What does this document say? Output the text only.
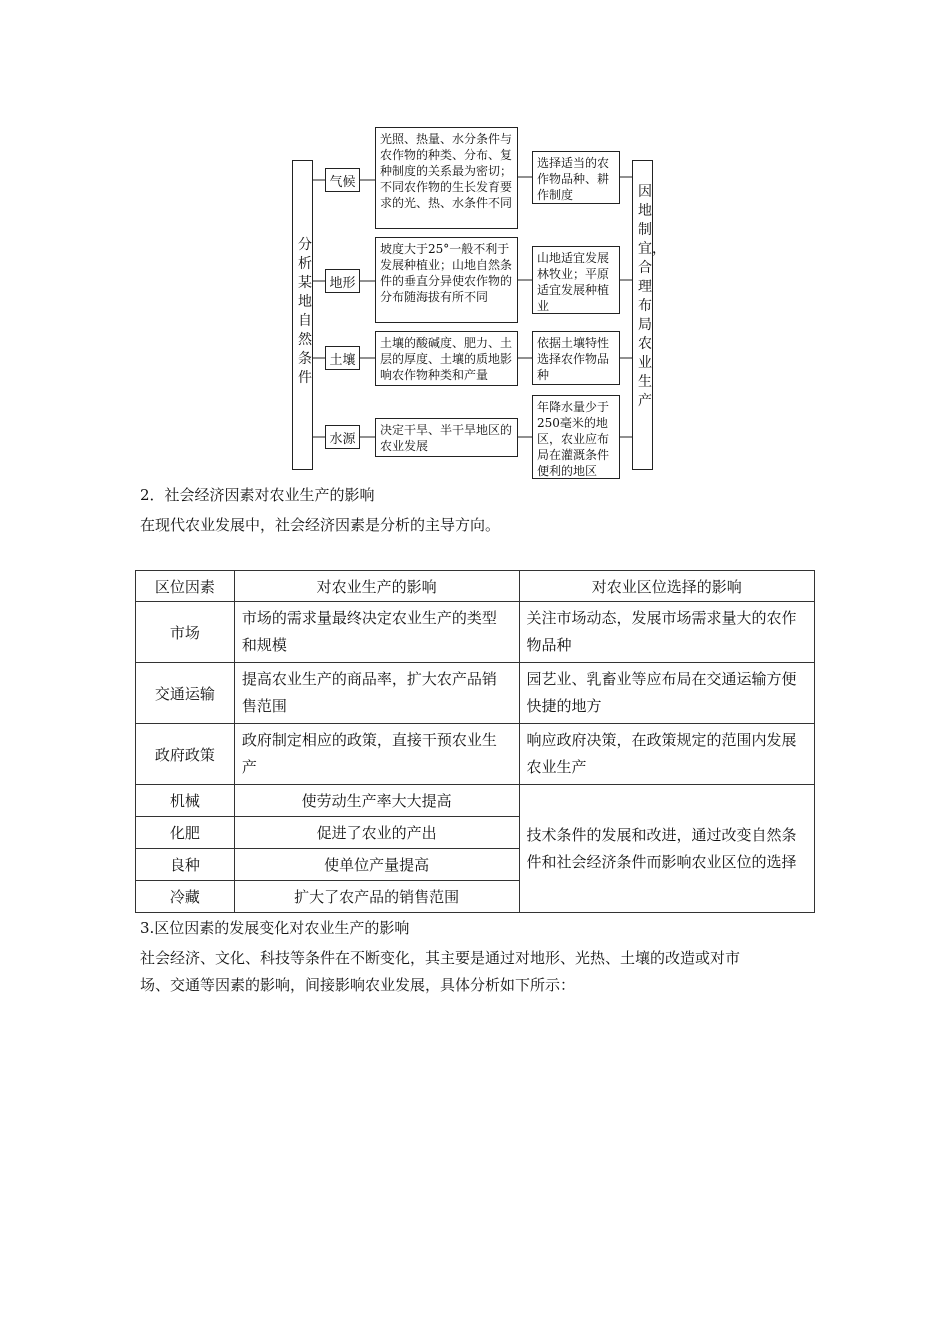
分析某地自然条件
因地制宜，合理布局农业生产
气候
地形
土壤
水源
光照、热量、水分条件与农作物的种类、分布、复种制度的关系最为密切；不同农作物的生长发育要求的光、热、水条件不同
坡度大于25°一般不利于发展种植业；山地自然条件的垂直分异使农作物的分布随海拔有所不同
土壤的酸碱度、肥力、土层的厚度、土壤的质地影响农作物种类和产量
决定干旱、半干旱地区的农业发展
选择适当的农作物品种、耕作制度
山地适宜发展林牧业；平原适宜发展种植业
依据土壤特性选择农作物品种
年降水量少于250毫米的地区，农业应布局在灌溉条件便利的地区
2．社会经济因素对农业生产的影响
在现代农业发展中，社会经济因素是分析的主导方向。
区位因素	对农业生产的影响	对农业区位选择的影响
市场	市场的需求量最终决定农业生产的类型和规模	关注市场动态，发展市场需求量大的农作物品种

交通运输	提高农业生产的商品率，扩大农产品销售范围	园艺业、乳畜业等应布局在交通运输方便快捷的地方

政府政策	政府制定相应的政策，直接干预农业生产	响应政府决策，在政策规定的范围内发展农业生产

机械	使劳动生产率大大提高	技术条件的发展和改进，通过改变自然条件和社会经济条件而影响农业区位的选择

化肥	促进了农业的产出	
良种	使单位产量提高	
冷藏	扩大了农产品的销售范围	
3.区位因素的发展变化对农业生产的影响
社会经济、文化、科技等条件在不断变化，其主要是通过对地形、光热、土壤的改造或对市
场、交通等因素的影响，间接影响农业发展，具体分析如下所示：
